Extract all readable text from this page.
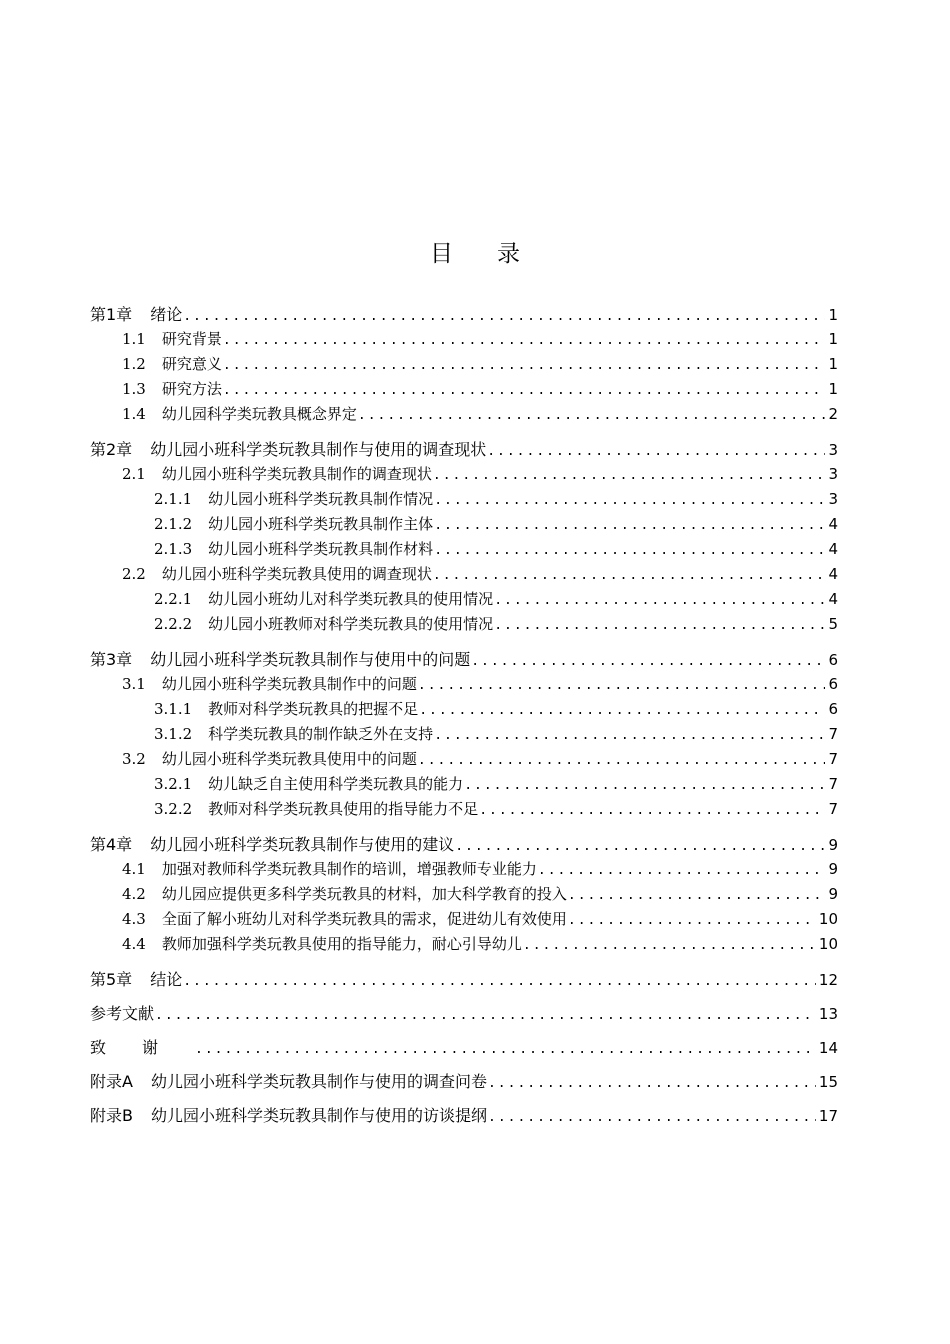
目录
第1章 绪论 .....	1
1.1 研究背景 .....	1
1.2 研究意义 .....	1
1.3 研究方法 .....	1
1.4 幼儿园科学类玩教具概念界定 .....	2
第2章 幼儿园小班科学类玩教具制作与使用的调查现状 .....	3
2.1 幼儿园小班科学类玩教具制作的调查现状 .....	3
2.1.1 幼儿园小班科学类玩教具制作情况 .....	3
2.1.2 幼儿园小班科学类玩教具制作主体 .....	4
2.1.3 幼儿园小班科学类玩教具制作材料 .....	4
2.2 幼儿园小班科学类玩教具使用的调查现状 .....	4
2.2.1 幼儿园小班幼儿对科学类玩教具的使用情况 .....	4
2.2.2 幼儿园小班教师对科学类玩教具的使用情况 .....	5
第3章 幼儿园小班科学类玩教具制作与使用中的问题 .....	6
3.1 幼儿园小班科学类玩教具制作中的问题 .....	6
3.1.1 教师对科学类玩教具的把握不足 .....	6
3.1.2 科学类玩教具的制作缺乏外在支持 .....	7
3.2 幼儿园小班科学类玩教具使用中的问题 .....	7
3.2.1 幼儿缺乏自主使用科学类玩教具的能力 .....	7
3.2.2 教师对科学类玩教具使用的指导能力不足 .....	7
第4章 幼儿园小班科学类玩教具制作与使用的建议 .....	9
4.1 加强对教师科学类玩教具制作的培训，增强教师专业能力 .....	9
4.2 幼儿园应提供更多科学类玩教具的材料，加大科学教育的投入 .....	9
4.3 全面了解小班幼儿对科学类玩教具的需求，促进幼儿有效使用 .....	10
4.4 教师加强科学类玩教具使用的指导能力，耐心引导幼儿 .....	10
第5章 结论 .....	12
参考文献 .....	13
致谢 .....	14
附录A 幼儿园小班科学类玩教具制作与使用的调查问卷 .....	15
附录B 幼儿园小班科学类玩教具制作与使用的访谈提纲 .....	17
